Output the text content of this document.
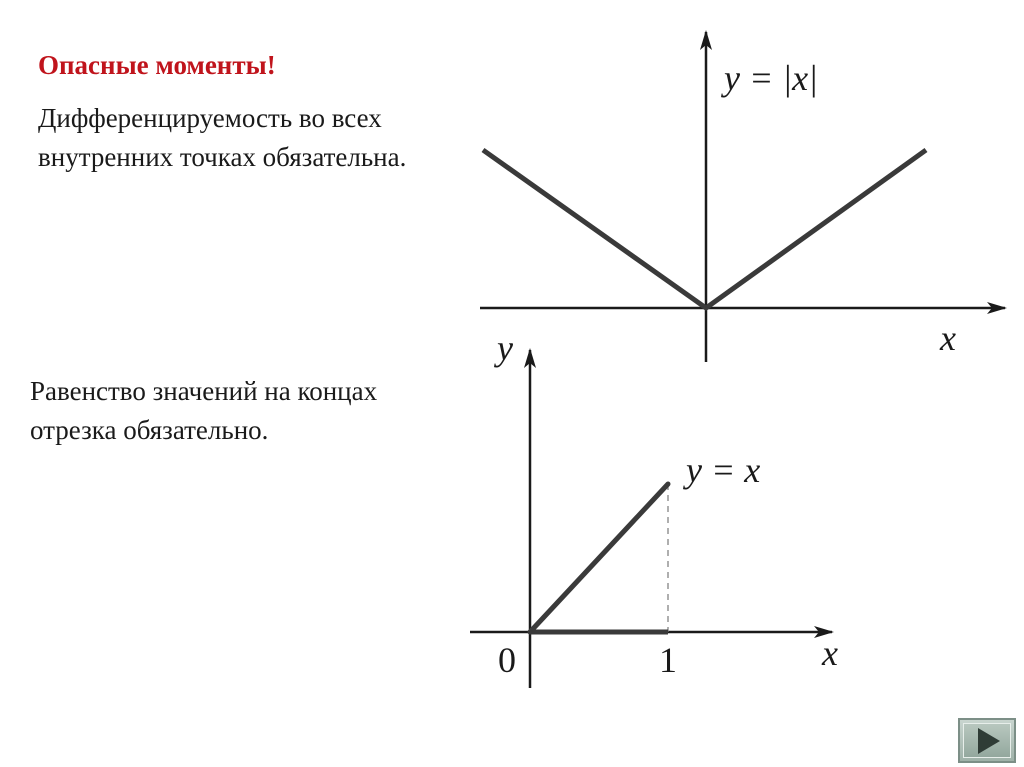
Опасные моменты!

Дифференцируемость во всех внутренних точках обязательна.

Равенство значений на концах отрезка обязательно.

y = |x|
x
y = x
y
x
0	1
